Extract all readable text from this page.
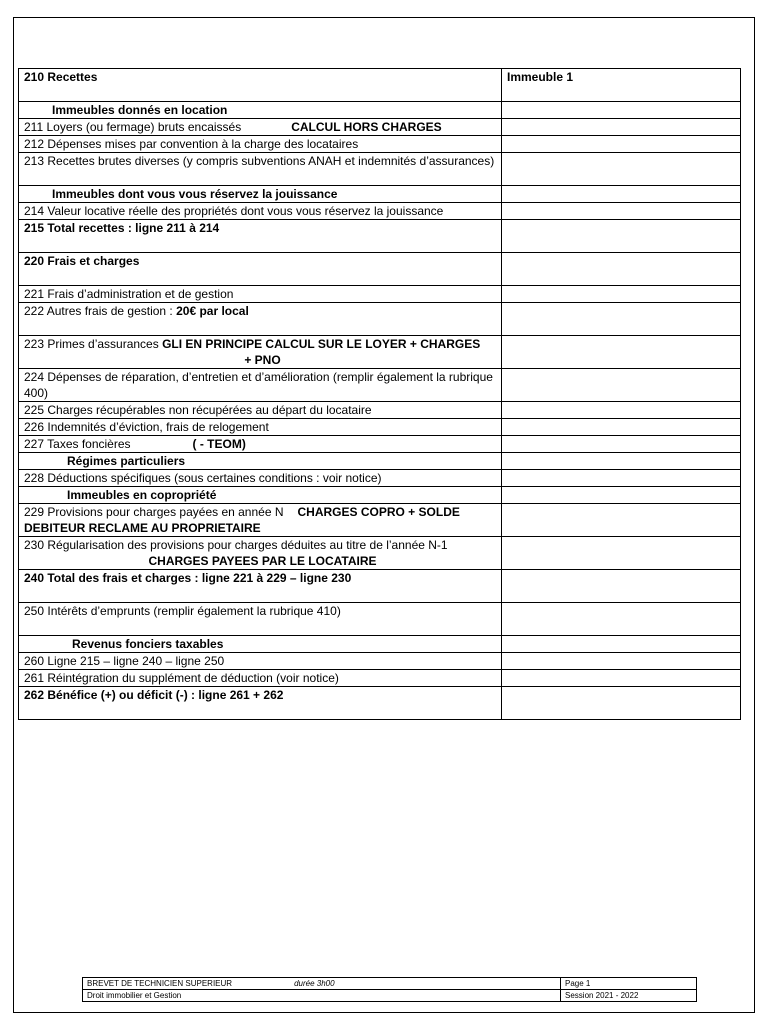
210 Recettes	Immeuble 1
Immeubles donnés en location	
211 Loyers (ou fermage) bruts encaissés CALCUL HORS CHARGES	
212 Dépenses mises par convention à la charge des locataires	
213 Recettes brutes diverses (y compris subventions ANAH et indemnités d’assurances)	
Immeubles dont vous vous réservez la jouissance	
214 Valeur locative réelle des propriétés dont vous vous réservez la jouissance	
215 Total recettes : ligne 211 à 214	
220 Frais et charges	
221 Frais d’administration et de gestion	
222 Autres frais de gestion : 20€ par local	
223 Primes d’assurances GLI EN PRINCIPE CALCUL SUR LE LOYER + CHARGES
+ PNO	

224 Dépenses de réparation, d’entretien et d’amélioration (remplir également la rubrique 400)	
225 Charges récupérables non récupérées au départ du locataire	
226 Indemnités d’éviction, frais de relogement	
227 Taxes foncières ( - TEOM)	
Régimes particuliers	
228 Déductions spécifiques (sous certaines conditions : voir notice)	
Immeubles en copropriété	
229 Provisions pour charges payées en année N CHARGES COPRO + SOLDE DEBITEUR RECLAME AU PROPRIETAIRE	
230 Régularisation des provisions pour charges déduites au titre de l’année N-1
CHARGES PAYEES PAR LE LOCATAIRE	

240 Total des frais et charges : ligne 221 à 229 – ligne 230	
250 Intérêts d’emprunts (remplir également la rubrique 410)	
Revenus fonciers taxables	
260 Ligne 215 – ligne 240 – ligne 250	
261 Réintégration du supplément de déduction (voir notice)	
262 Bénéfice (+) ou déficit (-) : ligne 261 + 262	
BREVET DE TECHNICIEN SUPERIEUR durée 3h00	Page 1
Droit immobilier et Gestion	Session 2021 - 2022
